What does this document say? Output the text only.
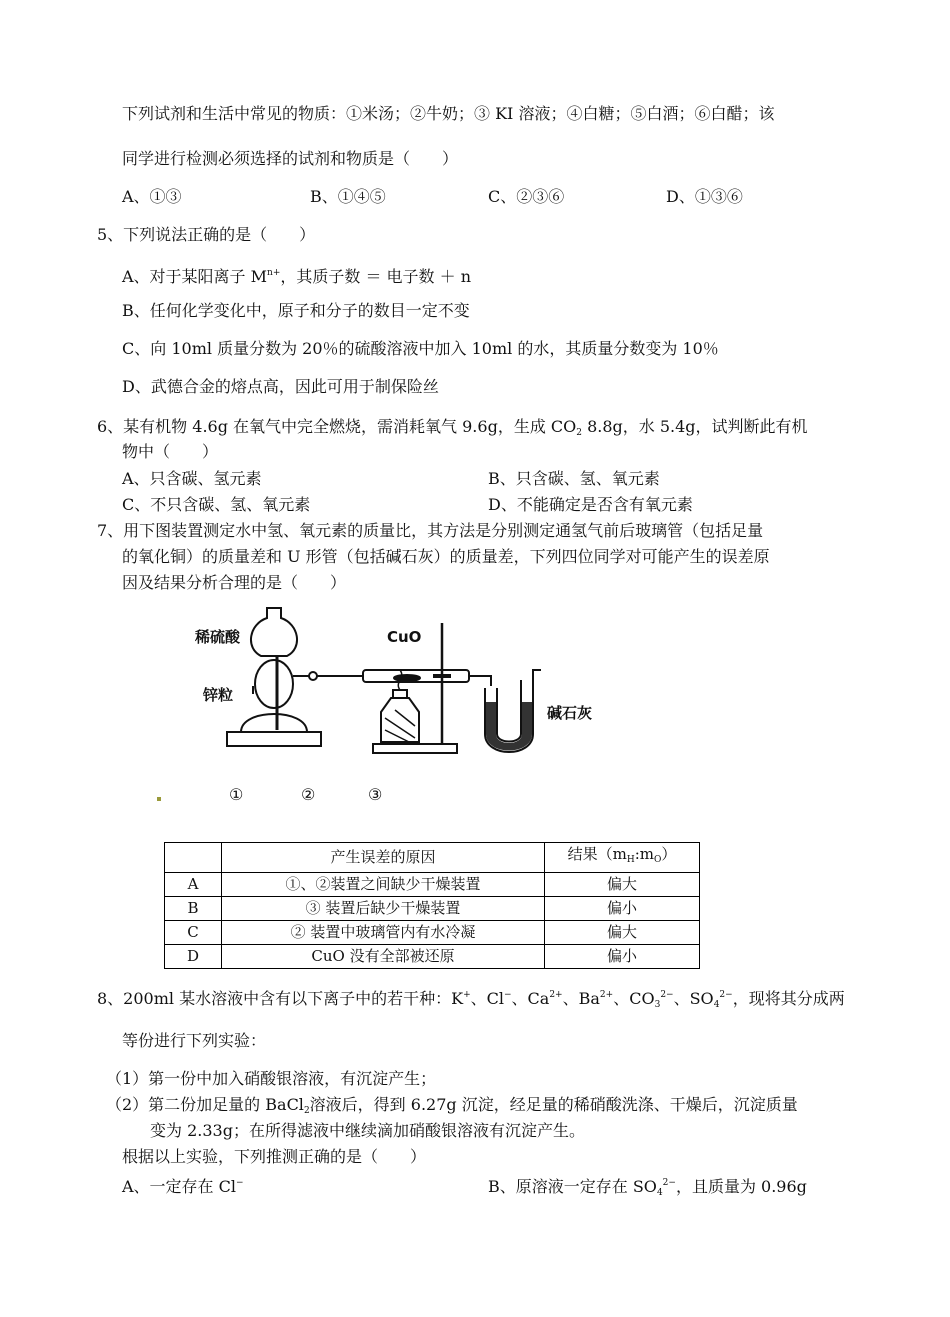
下列试剂和生活中常见的物质：①米汤；②牛奶；③ KI 溶液；④白糖；⑤白酒；⑥白醋；该
同学进行检测必须选择的试剂和物质是（　　）
A、①③	B、①④⑤	C、②③⑥	D、①③⑥
5、下列说法正确的是（　　）
A、对于某阳离子 $M^{n+}$，其质子数 ＝ 电子数 ＋ n
B、任何化学变化中，原子和分子的数目一定不变
C、向 10ml 质量分数为 20％的硫酸溶液中加入 10ml 的水，其质量分数变为 10％
D、武德合金的熔点高，因此可用于制保险丝
6、某有机物 4.6g 在氧气中完全燃烧，需消耗氧气 9.6g，生成 $CO_2$ 8.8g，水 5.4g，试判断此有机
物中（　　）
A、只含碳、氢元素	B、只含碳、氢、氧元素
C、不只含碳、氢、氧元素	D、不能确定是否含有氧元素
7、用下图装置测定水中氢、氧元素的质量比，其方法是分别测定通氢气前后玻璃管（包括足量
的氧化铜）的质量差和 U 形管（包括碱石灰）的质量差，下列四位同学对可能产生的误差原
因及结果分析合理的是（　　）
稀硫酸
锌粒
CuO
碱石灰
①	②	③
	产生误差的原因	结果$(m_H:m_O)$
A	①、②装置之间缺少干燥装置	偏大
B	③ 装置后缺少干燥装置	偏小
C	② 装置中玻璃管内有水冷凝	偏大
D	CuO 没有全部被还原	偏小
8、200ml 某水溶液中含有以下离子中的若干种：K+、Cl−、$Ca^{2+}$、$Ba^{2+}$、$CO_3^{2-}$、$SO_4^{2-}$，现将其分成两
等份进行下列实验：
（1）第一份中加入硝酸银溶液，有沉淀产生；
（2）第二份加足量的 BaCl$_2$溶液后，得到 6.27g 沉淀，经足量的稀硝酸洗涤、干燥后，沉淀质量
变为 2.33g；在所得滤液中继续滴加硝酸银溶液有沉淀产生。
根据以上实验，下列推测正确的是（　　）
A、一定存在 Cl−	B、原溶液一定存在 $SO_4^{2-}$，且质量为 0.96g
